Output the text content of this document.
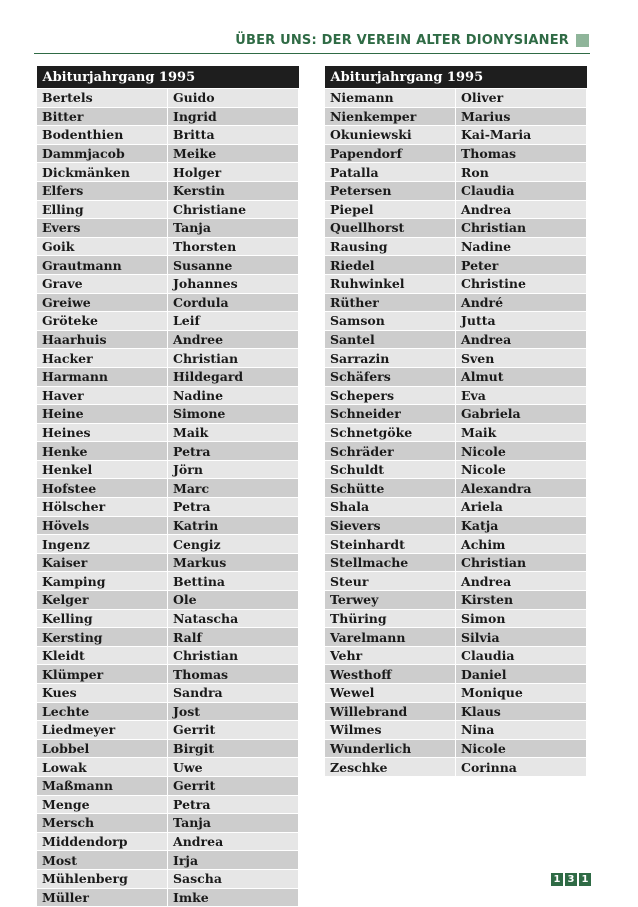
ÜBER UNS: DER VEREIN ALTER DIONYSIANER
Abiturjahrgang 1995	
Bertels	Guido
Bitter	Ingrid
Bodenthien	Britta
Dammjacob	Meike
Dickmänken	Holger
Elfers	Kerstin
Elling	Christiane
Evers	Tanja
Goik	Thorsten
Grautmann	Susanne
Grave	Johannes
Greiwe	Cordula
Gröteke	Leif
Haarhuis	Andree
Hacker	Christian
Harmann	Hildegard
Haver	Nadine
Heine	Simone
Heines	Maik
Henke	Petra
Henkel	Jörn
Hofstee	Marc
Hölscher	Petra
Hövels	Katrin
Ingenz	Cengiz
Kaiser	Markus
Kamping	Bettina
Kelger	Ole
Kelling	Natascha
Kersting	Ralf
Kleidt	Christian
Klümper	Thomas
Kues	Sandra
Lechte	Jost
Liedmeyer	Gerrit
Lobbel	Birgit
Lowak	Uwe
Maßmann	Gerrit
Menge	Petra
Mersch	Tanja
Middendorp	Andrea
Most	Irja
Mühlenberg	Sascha
Müller	Imke
Abiturjahrgang 1995	
Niemann	Oliver
Nienkemper	Marius
Okuniewski	Kai-Maria
Papendorf	Thomas
Patalla	Ron
Petersen	Claudia
Piepel	Andrea
Quellhorst	Christian
Rausing	Nadine
Riedel	Peter
Ruhwinkel	Christine
Rüther	André
Samson	Jutta
Santel	Andrea
Sarrazin	Sven
Schäfers	Almut
Schepers	Eva
Schneider	Gabriela
Schnetgöke	Maik
Schräder	Nicole
Schuldt	Nicole
Schütte	Alexandra
Shala	Ariela
Sievers	Katja
Steinhardt	Achim
Stellmache	Christian
Steur	Andrea
Terwey	Kirsten
Thüring	Simon
Varelmann	Silvia
Vehr	Claudia
Westhoff	Daniel
Wewel	Monique
Willebrand	Klaus
Wilmes	Nina
Wunderlich	Nicole
Zeschke	Corinna
1 3 1
